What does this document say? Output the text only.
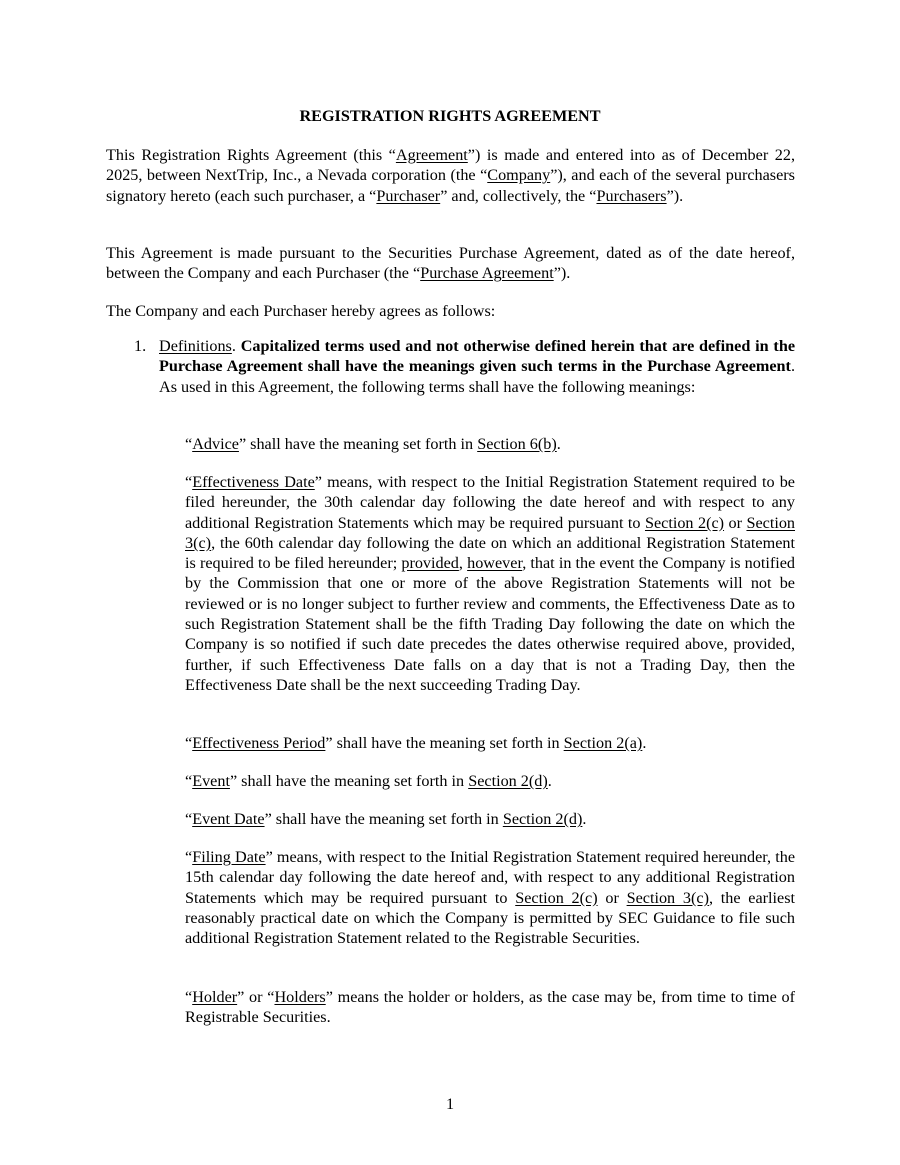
REGISTRATION RIGHTS AGREEMENT

This Registration Rights Agreement (this “Agreement”) is made and entered into as of December 22, 2025, between NextTrip, Inc., a Nevada corporation (the “Company”), and each of the several purchasers signatory hereto (each such purchaser, a “Purchaser” and, collectively, the “Purchasers”).

This Agreement is made pursuant to the Securities Purchase Agreement, dated as of the date hereof, between the Company and each Purchaser (the “Purchase Agreement”).

The Company and each Purchaser hereby agrees as follows:

1. Definitions. Capitalized terms used and not otherwise defined herein that are defined in the Purchase Agreement shall have the meanings given such terms in the Purchase Agreement. As used in this Agreement, the following terms shall have the following meanings:

“Advice” shall have the meaning set forth in Section 6(b).

“Effectiveness Date” means, with respect to the Initial Registration Statement required to be filed hereunder, the 30th calendar day following the date hereof and with respect to any additional Registration Statements which may be required pursuant to Section 2(c) or Section 3(c), the 60th calendar day following the date on which an additional Registration Statement is required to be filed hereunder; provided, however, that in the event the Company is notified by the Commission that one or more of the above Registration Statements will not be reviewed or is no longer subject to further review and comments, the Effectiveness Date as to such Registration Statement shall be the fifth Trading Day following the date on which the Company is so notified if such date precedes the dates otherwise required above, provided, further, if such Effectiveness Date falls on a day that is not a Trading Day, then the Effectiveness Date shall be the next succeeding Trading Day.

“Effectiveness Period” shall have the meaning set forth in Section 2(a).

“Event” shall have the meaning set forth in Section 2(d).

“Event Date” shall have the meaning set forth in Section 2(d).

“Filing Date” means, with respect to the Initial Registration Statement required hereunder, the 15th calendar day following the date hereof and, with respect to any additional Registration Statements which may be required pursuant to Section 2(c) or Section 3(c), the earliest reasonably practical date on which the Company is permitted by SEC Guidance to file such additional Registration Statement related to the Registrable Securities.

“Holder” or “Holders” means the holder or holders, as the case may be, from time to time of Registrable Securities.

1
